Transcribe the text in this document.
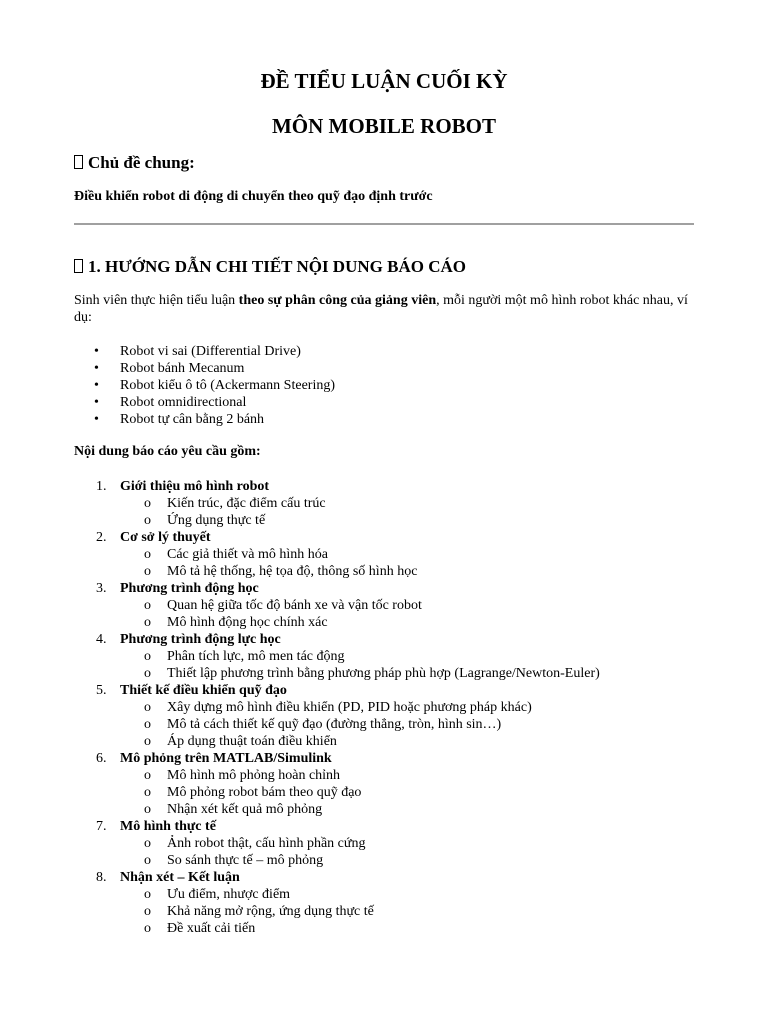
ĐỀ TIỂU LUẬN CUỐI KỲ
MÔN MOBILE ROBOT

Chủ đề chung:

Điều khiển robot di động di chuyển theo quỹ đạo định trước

1. HƯỚNG DẪN CHI TIẾT NỘI DUNG BÁO CÁO

Sinh viên thực hiện tiểu luận theo sự phân công của giảng viên, mỗi người một mô hình robot khác nhau, ví dụ:

• Robot vi sai (Differential Drive)
• Robot bánh Mecanum
• Robot kiểu ô tô (Ackermann Steering)
• Robot omnidirectional
• Robot tự cân bằng 2 bánh

Nội dung báo cáo yêu cầu gồm:

1. Giới thiệu mô hình robot
o Kiến trúc, đặc điểm cấu trúc
o Ứng dụng thực tế
2. Cơ sở lý thuyết
o Các giả thiết và mô hình hóa
o Mô tả hệ thống, hệ tọa độ, thông số hình học
3. Phương trình động học
o Quan hệ giữa tốc độ bánh xe và vận tốc robot
o Mô hình động học chính xác
4. Phương trình động lực học
o Phân tích lực, mô men tác động
o Thiết lập phương trình bằng phương pháp phù hợp (Lagrange/Newton-Euler)
5. Thiết kế điều khiển quỹ đạo
o Xây dựng mô hình điều khiển (PD, PID hoặc phương pháp khác)
o Mô tả cách thiết kế quỹ đạo (đường thẳng, tròn, hình sin…)
o Áp dụng thuật toán điều khiển
6. Mô phỏng trên MATLAB/Simulink
o Mô hình mô phỏng hoàn chỉnh
o Mô phỏng robot bám theo quỹ đạo
o Nhận xét kết quả mô phỏng
7. Mô hình thực tế
o Ảnh robot thật, cấu hình phần cứng
o So sánh thực tế – mô phỏng
8. Nhận xét – Kết luận
o Ưu điểm, nhược điểm
o Khả năng mở rộng, ứng dụng thực tế
o Đề xuất cải tiến
